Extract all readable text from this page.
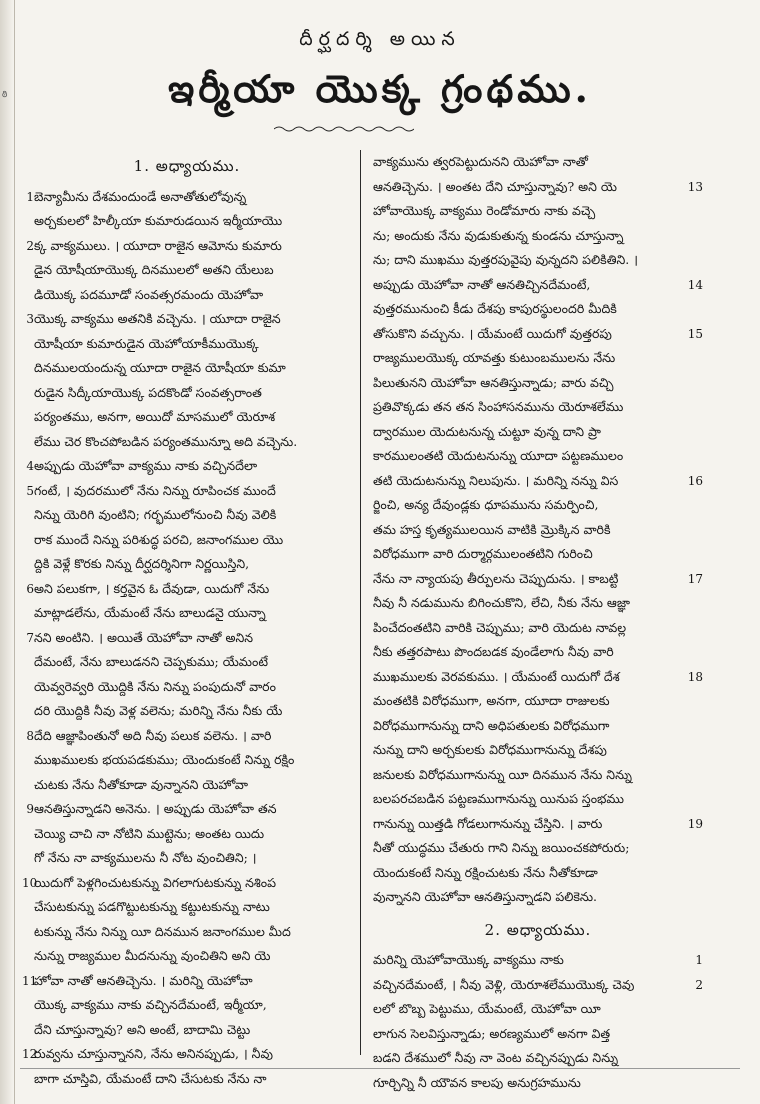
ఠి
దీర్ఘదర్శి అయిన
ఇర్మీయా యొక్క గ్రంథము.
1. అధ్యాయము.
1బెన్యామీను దేశమందుండే అనాతోతులోవున్న
అర్చకులలో హిల్కీయా కుమారుడయిన ఇర్మీయాయొ
2క్క వాక్యములు. । యూదా రాజైన ఆమోను కుమారు
డైన యోషీయాయొక్క దినములలో అతని యేలుబ
డియొక్క పదమూడో సంవత్సరమందు యెహోవా
3యొక్క వాక్యము అతనికి వచ్చెను. । యూదా రాజైన
యోషీయా కుమారుడైన యెహోయాకీముయొక్క
దినములయందున్న యూదా రాజైన యోషీయా కుమా
రుడైన సిద్కీయాయొక్క పదకొండో సంవత్సరాంత
పర్యంతము, అనగా, అయిదో మాసములో యెరూశ
లేము చెర కొంచపోబడిన పర్యంతమున్నూ అది వచ్చెను.
4అప్పుడు యెహోవా వాక్యము నాకు వచ్చినదేలా
5గంటే, । వుదరములో నేను నిన్ను రూపించక ముందే
నిన్ను యెరిగి వుంటిని; గర్భములోనుంచి నీవు వెలికి
రాక ముందే నిన్ను పరిశుద్ధ పరచి, జనాంగముల యొ
ద్దికి వెళ్లే కొరకు నిన్ను దీర్ఘదర్శినిగా నిర్ణయిస్తిని,
6అని పలుకగా, । కర్తవైన ఓ దేవుడా, యిదుగో నేను
మాట్లాడలేను, యేమంటే నేను బాలుడనై యున్నా
7నని అంటిని. । అయితే యెహోవా నాతో అనిన
దేమంటే, నేను బాలుడనని చెప్పకుము; యేమంటే
యెవ్వరెవ్వరి యొద్దికి నేను నిన్ను పంపుదునో వారం
దరి యొద్దికి నీవు వెళ్ల వలెను; మరిన్ని నేను నీకు యే
8దేది ఆజ్ఞాపింతునో అది నీవు పలుక వలెను. । వారి
ముఖములకు భయపడకుము; యెందుకంటే నిన్ను రక్షిం
చుటకు నేను నీతోకూడా వున్నానని యెహోవా
9ఆనతిస్తున్నాడని అనెను. । అప్పుడు యెహోవా తన
చెయ్యి చాచి నా నోటిని ముట్టెను; అంతట యిదు
గో నేను నా వాక్యములను నీ నోట వుంచితిని; ।
10యిదుగో పెళ్లగించుటకున్ను విగలాగుటకున్ను నశింప
చేసుటకున్ను పడగొట్టుటకున్ను కట్టుటకున్ను నాటు
టకున్ను నేను నిన్ను యీ దినమున జనాంగముల మీద
నున్ను రాజ్యముల మీదనున్ను వుంచితిని అని యె
11హోవా నాతో ఆనతిచ్చెను. । మరిన్ని యెహోవా
యొక్క వాక్యము నాకు వచ్చినదేమంటే, ఇర్మీయా,
దేని చూస్తున్నావు? అని అంటే, బాదామి చెట్టు
12రువ్వను చూస్తున్నానని, నేను అనినప్పుడు, । నీవు
బాగా చూస్తివి, యేమంటే దాని చేసుటకు నేను నా
వాక్యమును త్వరపెట్టుదునని యెహోవా నాతో
ఆనతిచ్చెను. । అంతట దేని చూస్తున్నావు? అని యె	13
హోవాయొక్క వాక్యము రెండోమారు నాకు వచ్చె
ను; అందుకు నేను వుడుకుతున్న కుండను చూస్తున్నా
ను; దాని ముఖము వుత్తరపువైపు వున్నదని పలికితిని. ।
అప్పుడు యెహోవా నాతో ఆనతిచ్చినదేమంటే,	14
వుత్తరమునుంచి కీడు దేశపు కాపురస్థులందరి మీదికి
తోసుకొని వచ్చును. । యేమంటే యిదుగో వుత్తరపు	15
రాజ్యములయొక్క యావత్తు కుటుంబములను నేను
పిలుతునని యెహోవా ఆనతిస్తున్నాడు; వారు వచ్చి
ప్రతివొక్కడు తన తన సింహాసనమును యెరూశలేము
ద్వారముల యెదుటనున్న చుట్టూ వున్న దాని ప్రా
కారములంతటి యెదుటనున్ను యూదా పట్టణములం
తటి యెదుటనున్ను నిలుపును. । మరిన్ని నన్ను విస	16
ర్జించి, అన్య దేవుండ్లకు ధూపమును సమర్పించి,
తమ హస్త కృత్యములయిన వాటికి మ్రొక్కిన వారికి
విరోధముగా వారి దుర్మార్గములంతటిని గురించి
నేను నా న్యాయపు తీర్పులను చెప్పుదును. । కాబట్టి	17
నీవు నీ నడుమును బిగించుకొని, లేచి, నీకు నేను ఆజ్ఞా
పించేదంతటిని వారికి చెప్పుము; వారి యెదుట నావల్ల
నీకు తత్తరపాటు పొందబడక వుండేలాగు నీవు వారి
ముఖములకు వెరవకుము. । యేమంటే యిదుగో దేశ	18
మంతటికి విరోధముగా, అనగా, యూదా రాజులకు
విరోధముగానున్ను దాని అధిపతులకు విరోధముగా
నున్ను దాని అర్చకులకు విరోధముగానున్ను దేశపు
జనులకు విరోధముగానున్ను యీ దినమున నేను నిన్ను
బలపరచబడిన పట్టణముగానున్ను యినుప స్తంభము
గానున్ను యిత్తడి గోడలుగానున్ను చేస్తిని. । వారు	19
నీతో యుద్ధము చేతురు గాని నిన్ను జయించకపోరురు;
యెందుకంటే నిన్ను రక్షించుటకు నేను నీతోకూడా
వున్నానని యెహోవా ఆనతిస్తున్నాడని పలికెను.
2. అధ్యాయము.
మరిన్ని యెహోవాయొక్క వాక్యము నాకు	1
వచ్చినదేమంటే, । నీవు వెళ్లి, యెరూశలేముయొక్క చెవు	2
లలో బొబ్బ పెట్టుము, యేమంటే, యెహోవా యీ
లాగున సెలవిస్తున్నాడు; అరణ్యములో అనగా విత్త
బడని దేశములో నీవు నా వెంట వచ్చినప్పుడు నిన్ను
గూర్చిన్ని నీ యౌవన కాలపు అనుగ్రహమును
